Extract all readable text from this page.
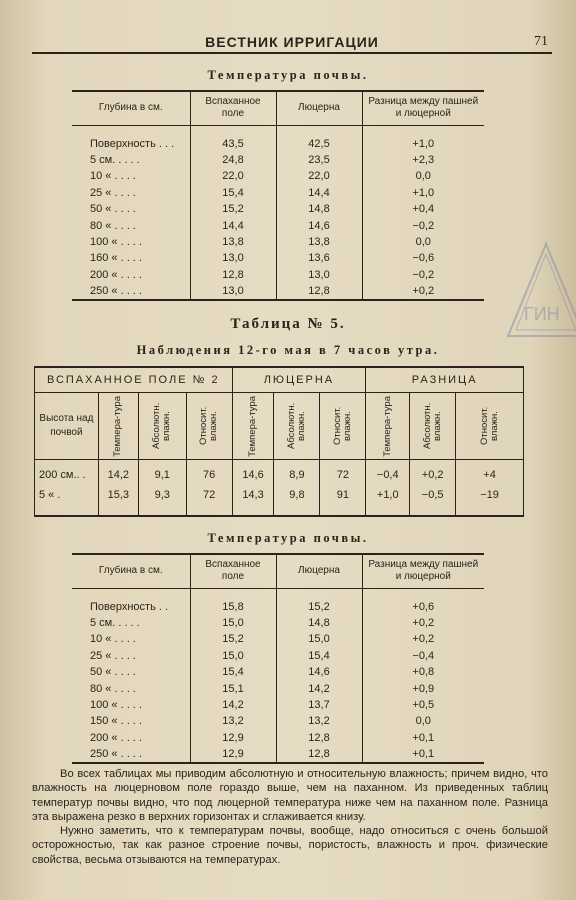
ВЕСТНИК ИРРИГАЦИИ	71
Температура почвы.
Глубина в см.	Вспаханное поле	Люцерна	Разница между пашней и люцерной

Поверхность . . .	43,5	42,5	+1,0
5 см. . . . .	24,8	23,5	+2,3
10 « . . . .	22,0	22,0	0,0
25 « . . . .	15,4	14,4	+1,0
50 « . . . .	15,2	14,8	+0,4
80 « . . . .	14,4	14,6	−0,2
100 « . . . .	13,8	13,8	0,0
160 « . . . .	13,0	13,6	−0,6
200 « . . . .	12,8	13,0	−0,2
250 « . . . .	13,0	12,8	+0,2
Таблица № 5.
Наблюдения 12-го мая в 7 часов утра.
ВСПАХАННОЕ ПОЛЕ № 2				ЛЮЦЕРНА			РАЗНИЦА		
Высота над почвой	Темпера-тура	Абсолютн. влажн.	Относит. влажн.	Темпера-тура	Абсолютн. влажн.	Относит. влажн.	Темпера-тура	Абсолютн. влажн.	Относит. влажн.

200 см.. .	14,2	9,1	76	14,6	8,9	72	−0,4	+0,2	+4
5 « .	15,3	9,3	72	14,3	9,8	91	+1,0	−0,5	−19

Температура почвы.
Глубина в см.	Вспаханное поле	Люцерна	Разница между пашней и люцерной

Поверхность . .	15,8	15,2	+0,6
5 см. . . . .	15,0	14,8	+0,2
10 « . . . .	15,2	15,0	+0,2
25 « . . . .	15,0	15,4	−0,4
50 « . . . .	15,4	14,6	+0,8
80 « . . . .	15,1	14,2	+0,9
100 « . . . .	14,2	13,7	+0,5
150 « . . . .	13,2	13,2	0,0
200 « . . . .	12,9	12,8	+0,1
250 « . . . .	12,9	12,8	+0,1

Во всех таблицах мы приводим абсолютную и относительную влажность; причем видно, что влажность на люцерновом поле гораздо выше, чем на паханном. Из приведенных таблиц температур почвы видно, что под люцерной температура ниже чем на паханном поле. Разница эта выражена резко в верхних горизонтах и сглаживается книзу.

Нужно заметить, что к температурам почвы, вообще, надо относиться с очень большой осторожностью, так как разное строение почвы, пористость, влажность и проч. физические свойства, весьма отзываются на температурах.

ГИН
